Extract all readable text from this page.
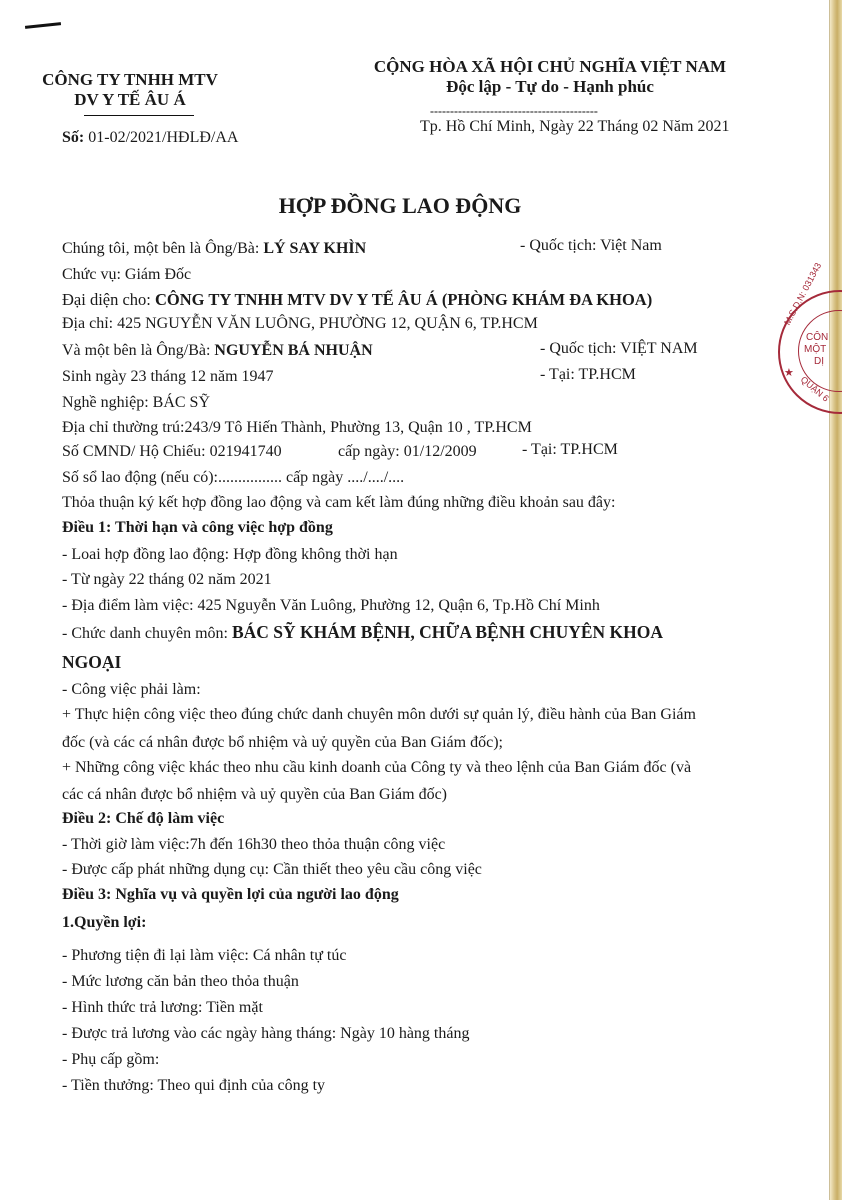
CÔNG TY TNHH MTV
DV Y TẾ ÂU Á
Số: 01-02/2021/HĐLĐ/AA
CỘNG HÒA XÃ HỘI CHỦ NGHĨA VIỆT NAM
Độc lập - Tự do - Hạnh phúc
------------------------------------------
Tp. Hồ Chí Minh, Ngày 22 Tháng 02 Năm 2021
HỢP ĐỒNG LAO ĐỘNG
Chúng tôi, một bên là Ông/Bà: LÝ SAY KHÌN	- Quốc tịch: Việt Nam
Chức vụ: Giám Đốc
Đại diện cho: CÔNG TY TNHH MTV DV Y TẾ ÂU Á (PHÒNG KHÁM ĐA KHOA)
Địa chỉ: 425 NGUYỄN VĂN LUÔNG, PHƯỜNG 12, QUẬN 6, TP.HCM
Và một bên là Ông/Bà: NGUYỄN BÁ NHUẬN	- Quốc tịch: VIỆT NAM
Sinh ngày 23 tháng 12 năm 1947	- Tại: TP.HCM
Nghề nghiệp: BÁC SỸ
Địa chỉ thường trú:243/9 Tô Hiến Thành, Phường 13, Quận 10 , TP.HCM
Số CMND/ Hộ Chiếu: 021941740	cấp ngày: 01/12/2009	- Tại: TP.HCM
Số sổ lao động (nếu có):................ cấp ngày ..../..../....
Thỏa thuận ký kết hợp đồng lao động và cam kết làm đúng những điều khoản sau đây:
Điều 1: Thời hạn và công việc hợp đồng
- Loai hợp đồng lao động: Hợp đồng không thời hạn
- Từ ngày 22 tháng 02 năm 2021
- Địa điểm làm việc: 425 Nguyễn Văn Luông, Phường 12, Quận 6, Tp.Hồ Chí Minh
- Chức danh chuyên môn: BÁC SỸ KHÁM BỆNH, CHỮA BỆNH CHUYÊN KHOA
NGOẠI
- Công việc phải làm:
+ Thực hiện công việc theo đúng chức danh chuyên môn dưới sự quản lý, điều hành của Ban Giám
đốc (và các cá nhân được bổ nhiệm và uỷ quyền của Ban Giám đốc);
+ Những công việc khác theo nhu cầu kinh doanh của Công ty và theo lệnh của Ban Giám đốc (và
các cá nhân được bổ nhiệm và uỷ quyền của Ban Giám đốc)
Điều 2: Chế độ làm việc
- Thời giờ làm việc:7h đến 16h30 theo thỏa thuận công việc
- Được cấp phát những dụng cụ: Cần thiết theo yêu cầu công việc
Điều 3: Nghĩa vụ và quyền lợi của người lao động
1.Quyền lợi:
- Phương tiện đi lại làm việc: Cá nhân tự túc
- Mức lương căn bản theo thỏa thuận
- Hình thức trả lương: Tiền mặt
- Được trả lương vào các ngày hàng tháng: Ngày 10 hàng tháng
- Phụ cấp gồm:
- Tiền thưởng: Theo qui định của công ty
M.S.D.N: 031343
CÔN
MỘT
DỊ
★
QUẬN 6
